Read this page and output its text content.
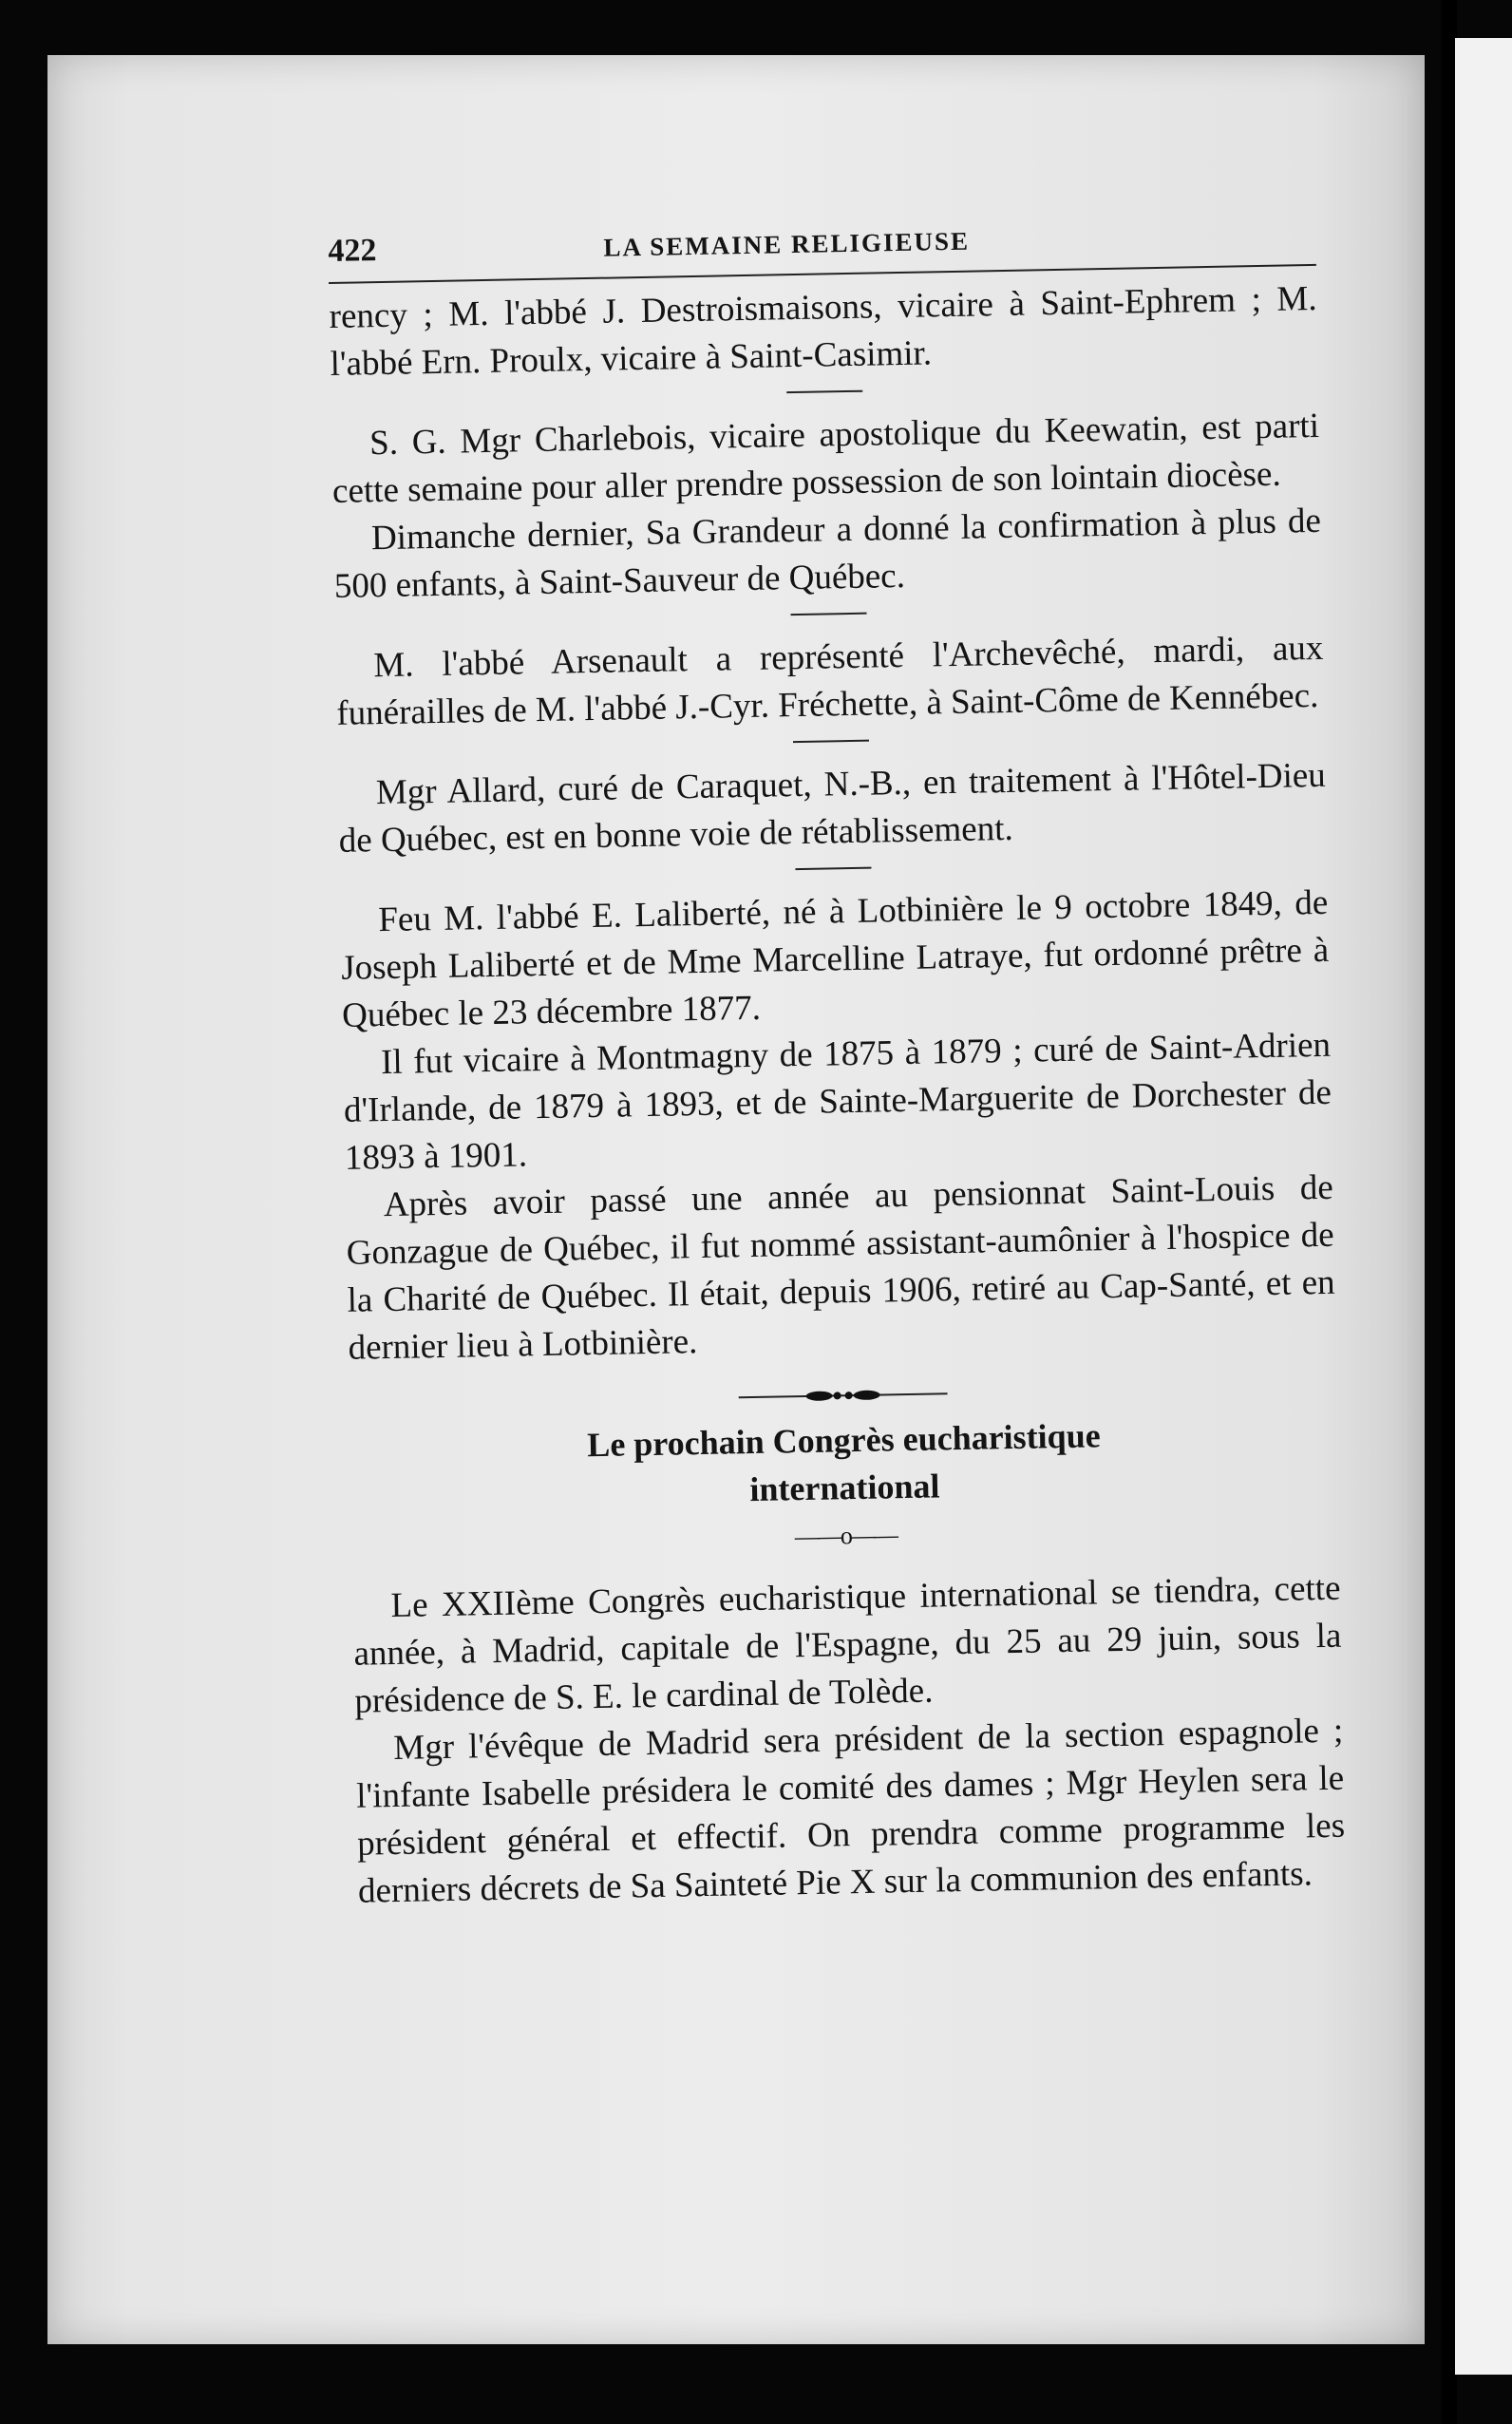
422	LA SEMAINE RELIGIEUSE

rency ; M. l'abbé J. Destroismaisons, vicaire à Saint-Ephrem ; M. l'abbé Ern. Proulx, vicaire à Saint-Casimir.

S. G. Mgr Charlebois, vicaire apostolique du Keewatin, est parti cette semaine pour aller prendre possession de son lointain diocèse.

Dimanche dernier, Sa Grandeur a donné la confirmation à plus de 500 enfants, à Saint-Sauveur de Québec.

M. l'abbé Arsenault a représenté l'Archevêché, mardi, aux funérailles de M. l'abbé J.-Cyr. Fréchette, à Saint-Côme de Kennébec.

Mgr Allard, curé de Caraquet, N.-B., en traitement à l'Hôtel-Dieu de Québec, est en bonne voie de rétablissement.

Feu M. l'abbé E. Laliberté, né à Lotbinière le 9 octobre 1849, de Joseph Laliberté et de Mme Marcelline Latraye, fut ordonné prêtre à Québec le 23 décembre 1877.

Il fut vicaire à Montmagny de 1875 à 1879 ; curé de Saint-Adrien d'Irlande, de 1879 à 1893, et de Sainte-Marguerite de Dorchester de 1893 à 1901.

Après avoir passé une année au pensionnat Saint-Louis de Gonzague de Québec, il fut nommé assistant-aumônier à l'hospice de la Charité de Québec. Il était, depuis 1906, retiré au Cap-Santé, et en dernier lieu à Lotbinière.

Le prochain Congrès eucharistique
international
——o——

Le XXIIème Congrès eucharistique international se tiendra, cette année, à Madrid, capitale de l'Espagne, du 25 au 29 juin, sous la présidence de S. E. le cardinal de Tolède.

Mgr l'évêque de Madrid sera président de la section espagnole ; l'infante Isabelle présidera le comité des dames ; Mgr Heylen sera le président général et effectif. On prendra comme programme les derniers décrets de Sa Sainteté Pie X sur la communion des enfants.
